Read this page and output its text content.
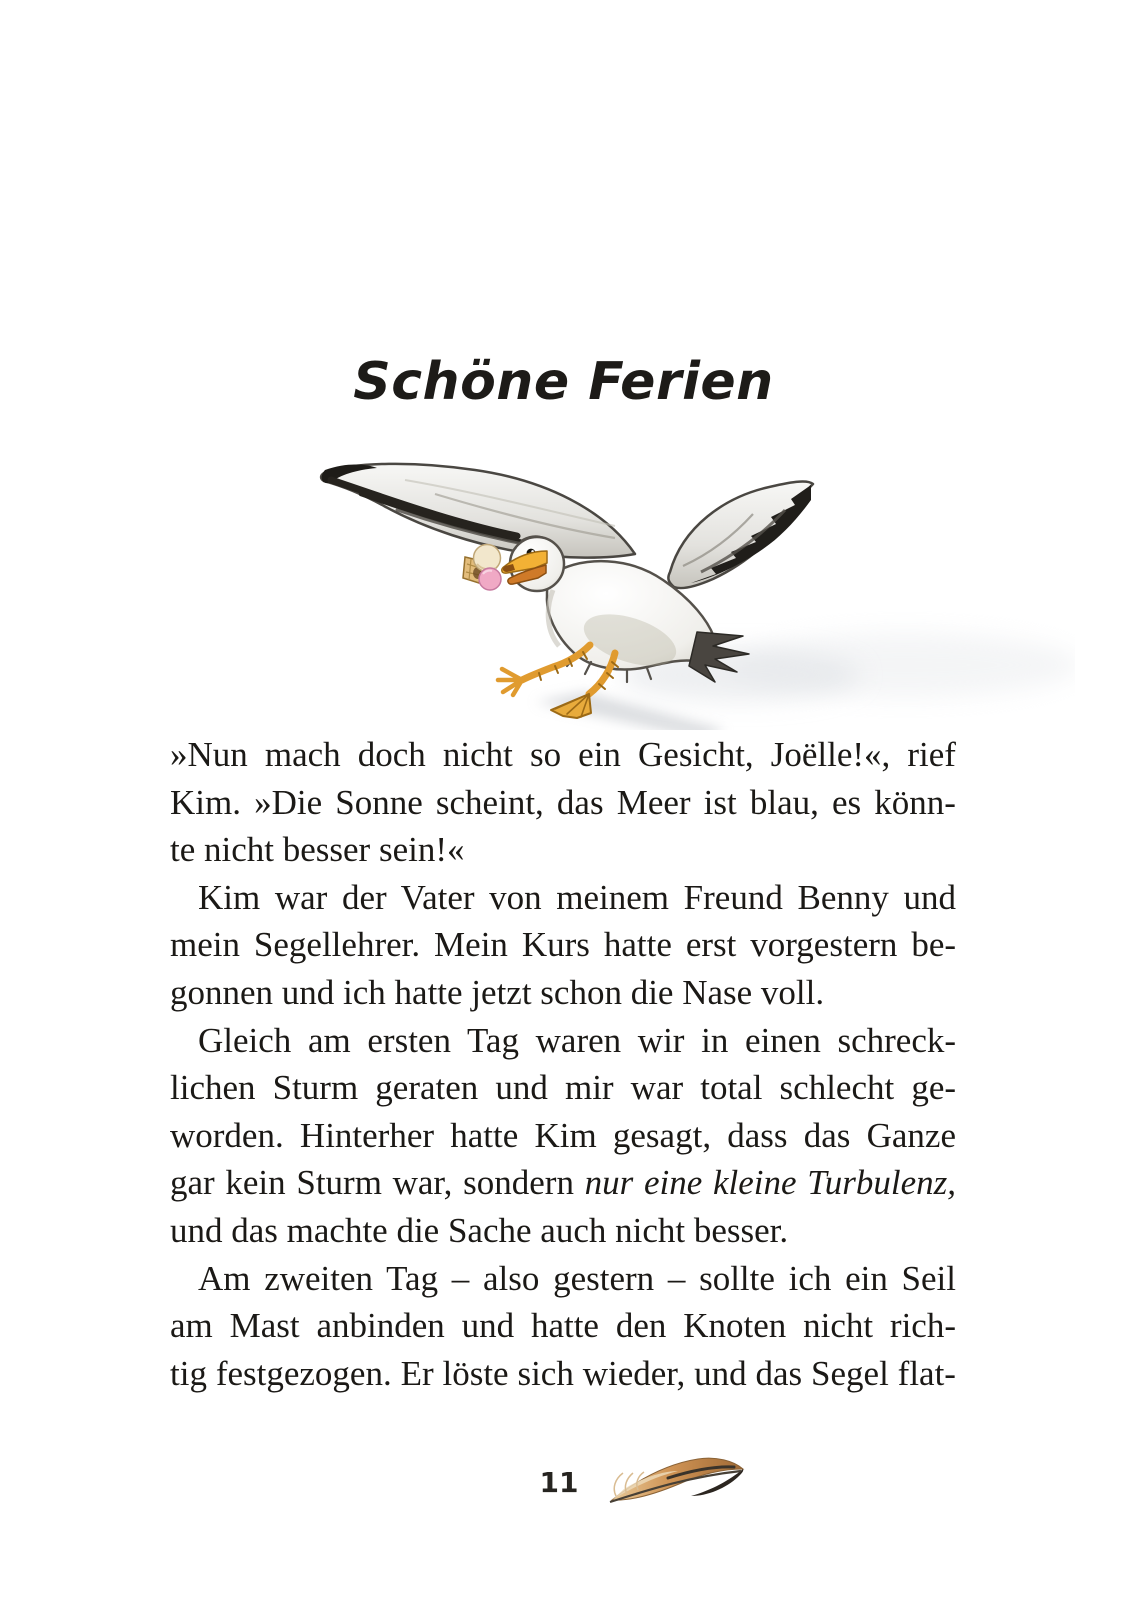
Schöne Ferien

»Nun mach doch nicht so ein Gesicht, Joëlle!«, rief

Kim. »Die Sonne scheint, das Meer ist blau, es könn-

te nicht besser sein!«

Kim war der Vater von meinem Freund Benny und

mein Segellehrer. Mein Kurs hatte erst vorgestern be-

gonnen und ich hatte jetzt schon die Nase voll.

Gleich am ersten Tag waren wir in einen schreck-

lichen Sturm geraten und mir war total schlecht ge-

worden. Hinterher hatte Kim gesagt, dass das Ganze

gar kein Sturm war, sondern nur eine kleine Turbulenz,

und das machte die Sache auch nicht besser.

Am zweiten Tag – also gestern – sollte ich ein Seil

am Mast anbinden und hatte den Knoten nicht rich-

tig festgezogen. Er löste sich wieder, und das Segel flat-

11
